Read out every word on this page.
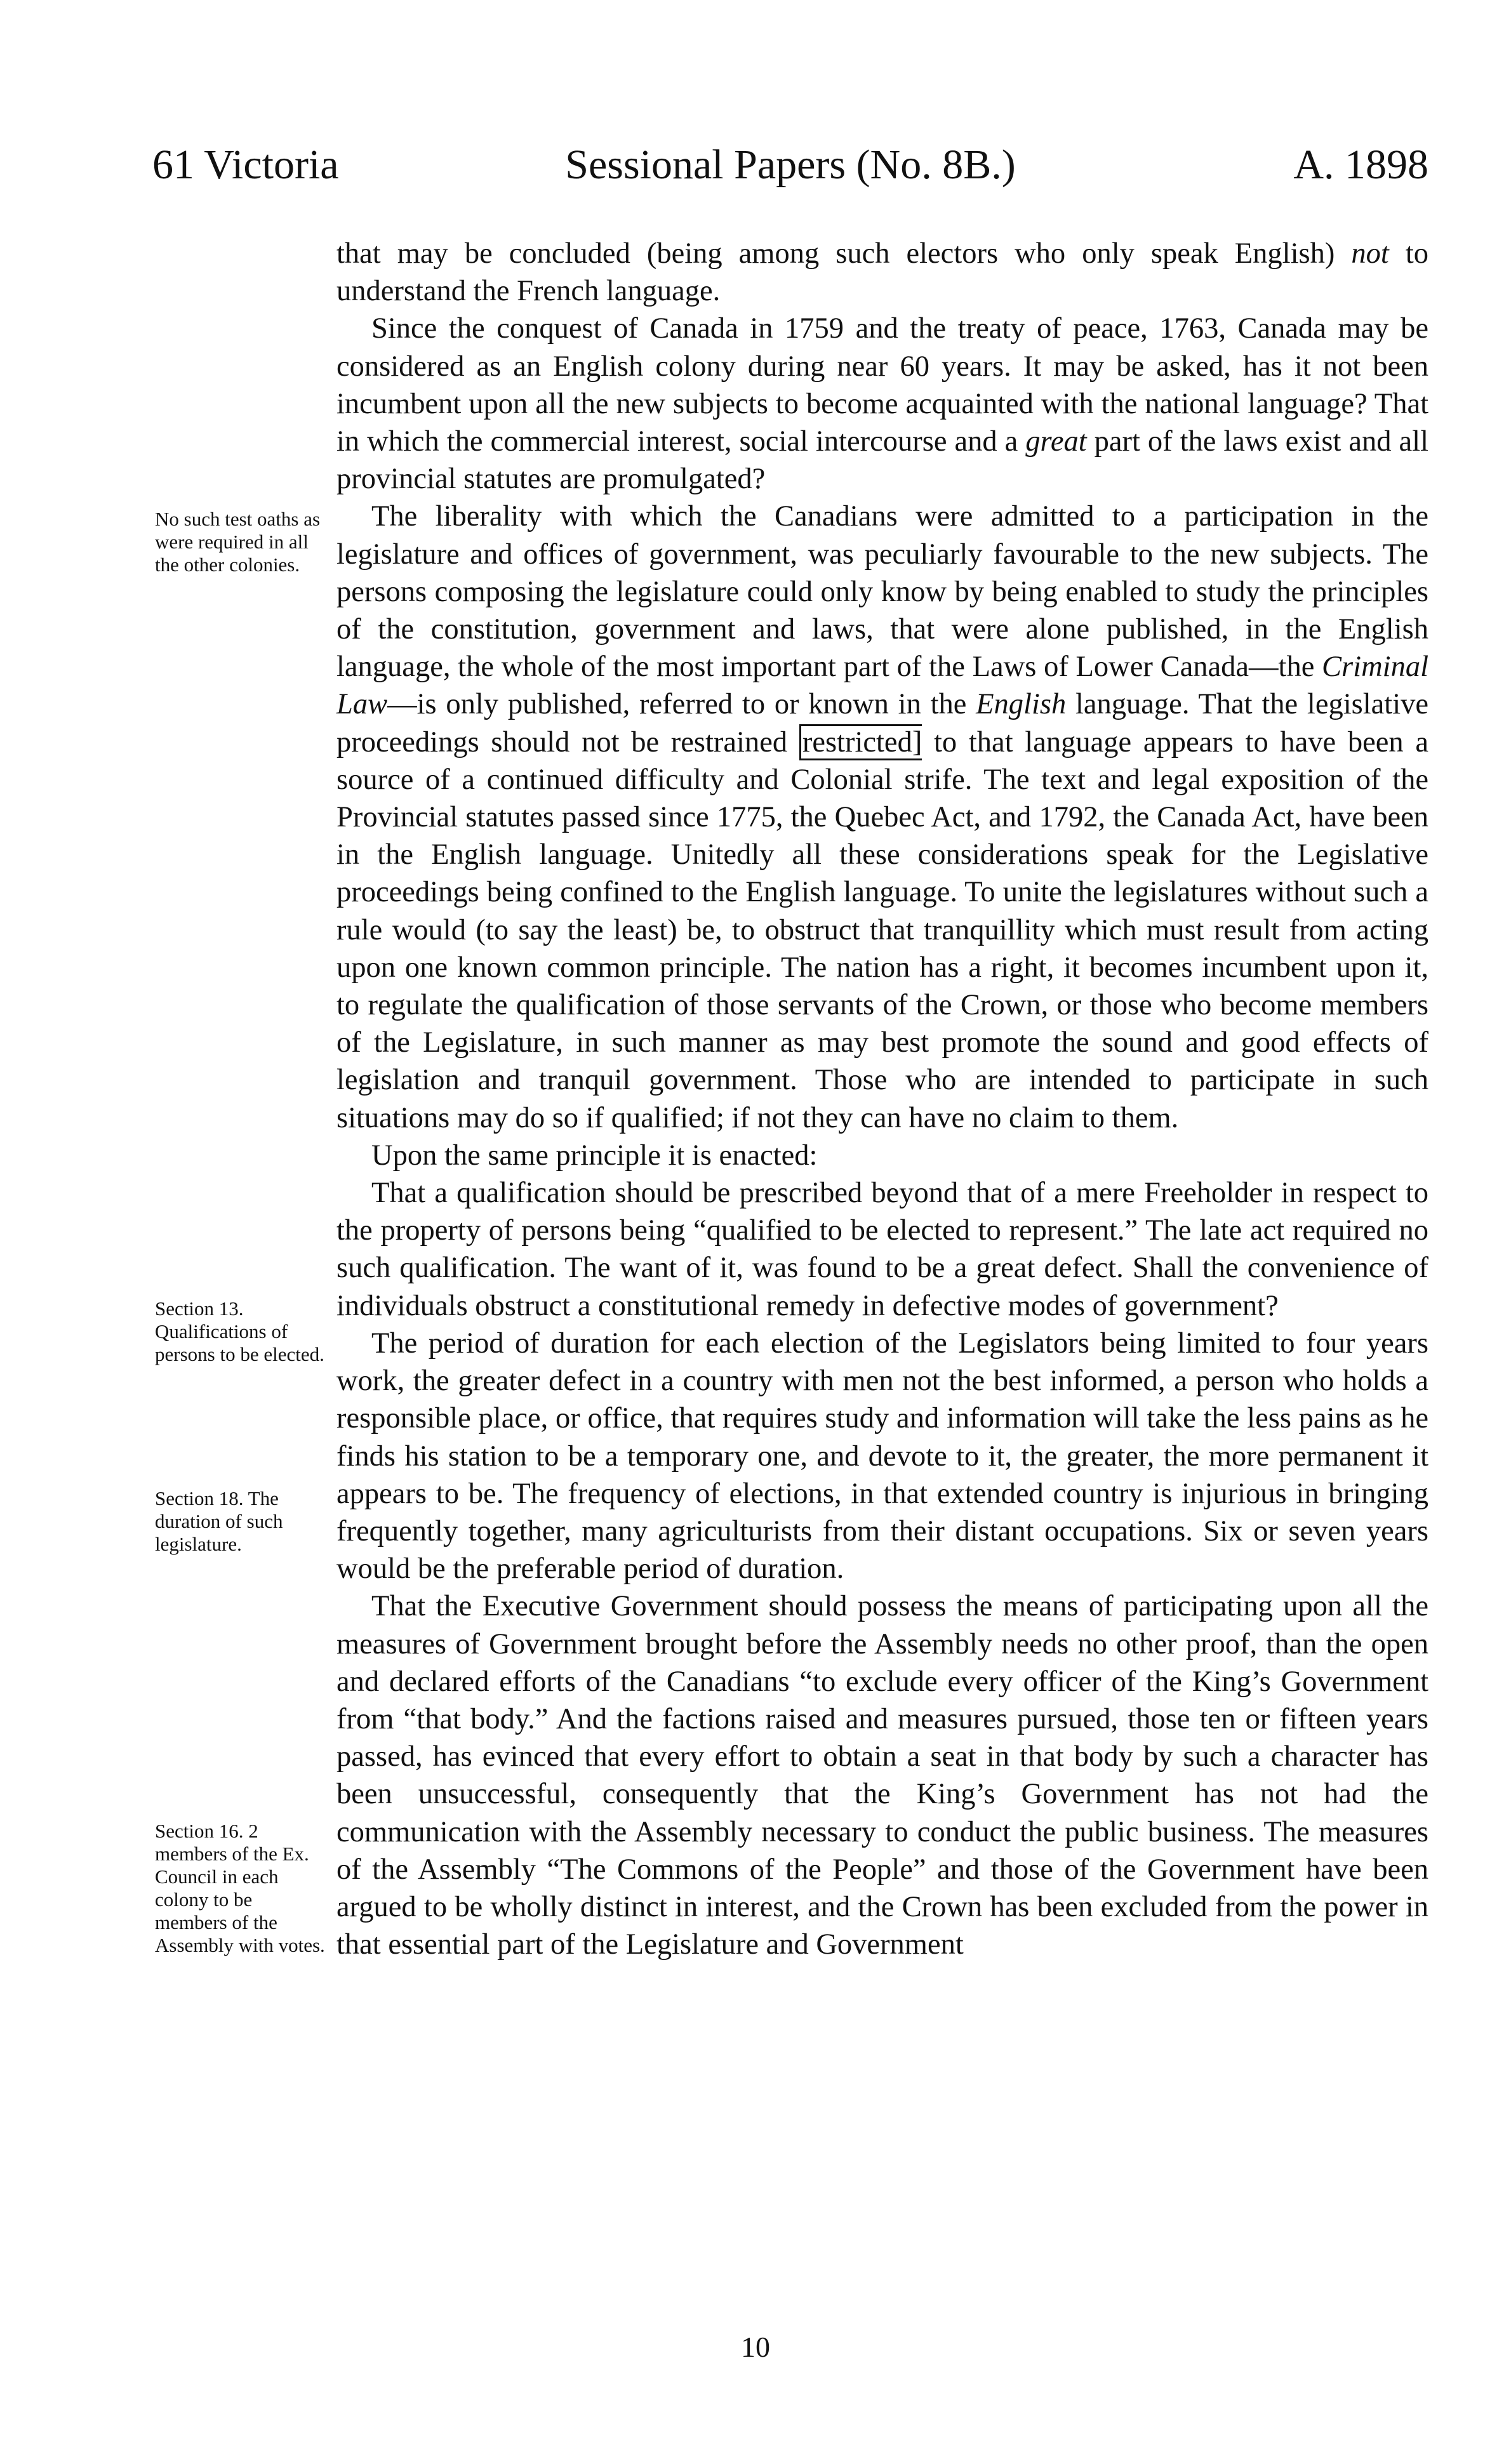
61 Victoria	Sessional Papers (No. 8B.)	A. 1898

that may be concluded (being among such electors who only speak English) not to understand the French language.

Since the conquest of Canada in 1759 and the treaty of peace, 1763, Canada may be considered as an English colony during near 60 years. It may be asked, has it not been incumbent upon all the new subjects to become acquainted with the national language? That in which the commercial interest, social intercourse and a great part of the laws exist and all provincial statutes are promulgated?

The liberality with which the Canadians were admitted to a participation in the legislature and offices of government, was peculiarly favourable to the new subjects. The persons composing the legislature could only know by being enabled to study the principles of the constitution, government and laws, that were alone published, in the English language, the whole of the most important part of the Laws of Lower Canada—the Criminal Law—is only published, referred to or known in the English language. That the legislative proceedings should not be restrained restricted] to that language appears to have been a source of a continued difficulty and Colonial strife. The text and legal exposition of the Provincial statutes passed since 1775, the Quebec Act, and 1792, the Canada Act, have been in the English language. Unitedly all these considerations speak for the Legislative proceedings being confined to the English language. To unite the legislatures without such a rule would (to say the least) be, to obstruct that tranquillity which must result from acting upon one known common principle. The nation has a right, it becomes incumbent upon it, to regulate the qualification of those servants of the Crown, or those who become members of the Legislature, in such manner as may best promote the sound and good effects of legislation and tranquil government. Those who are intended to participate in such situations may do so if qualified; if not they can have no claim to them.

Upon the same principle it is enacted:

That a qualification should be prescribed beyond that of a mere Freeholder in respect to the property of persons being “qualified to be elected to represent.” The late act required no such qualification. The want of it, was found to be a great defect. Shall the convenience of individuals obstruct a constitutional remedy in defective modes of government?

The period of duration for each election of the Legislators being limited to four years work, the greater defect in a country with men not the best informed, a person who holds a responsible place, or office, that requires study and information will take the less pains as he finds his station to be a temporary one, and devote to it, the greater, the more permanent it appears to be. The frequency of elections, in that extended country is injurious in bringing frequently together, many agriculturists from their distant occupations. Six or seven years would be the preferable period of duration.

That the Executive Government should possess the means of participating upon all the measures of Government brought before the Assembly needs no other proof, than the open and declared efforts of the Canadians “to exclude every officer of the King’s Government from “that body.” And the factions raised and measures pursued, those ten or fifteen years passed, has evinced that every effort to obtain a seat in that body by such a character has been unsuccessful, consequently that the King’s Government has not had the communication with the Assembly necessary to conduct the public business. The measures of the Assembly “The Commons of the People” and those of the Government have been argued to be wholly distinct in interest, and the Crown has been excluded from the power in that essential part of the Legislature and Government

No such test oaths as were required in all the other colonies.
Section 13. Qualifications of persons to be elected.
Section 18. The duration of such legislature.
Section 16. 2 members of the Ex. Council in each colony to be members of the Assembly with votes.
10
